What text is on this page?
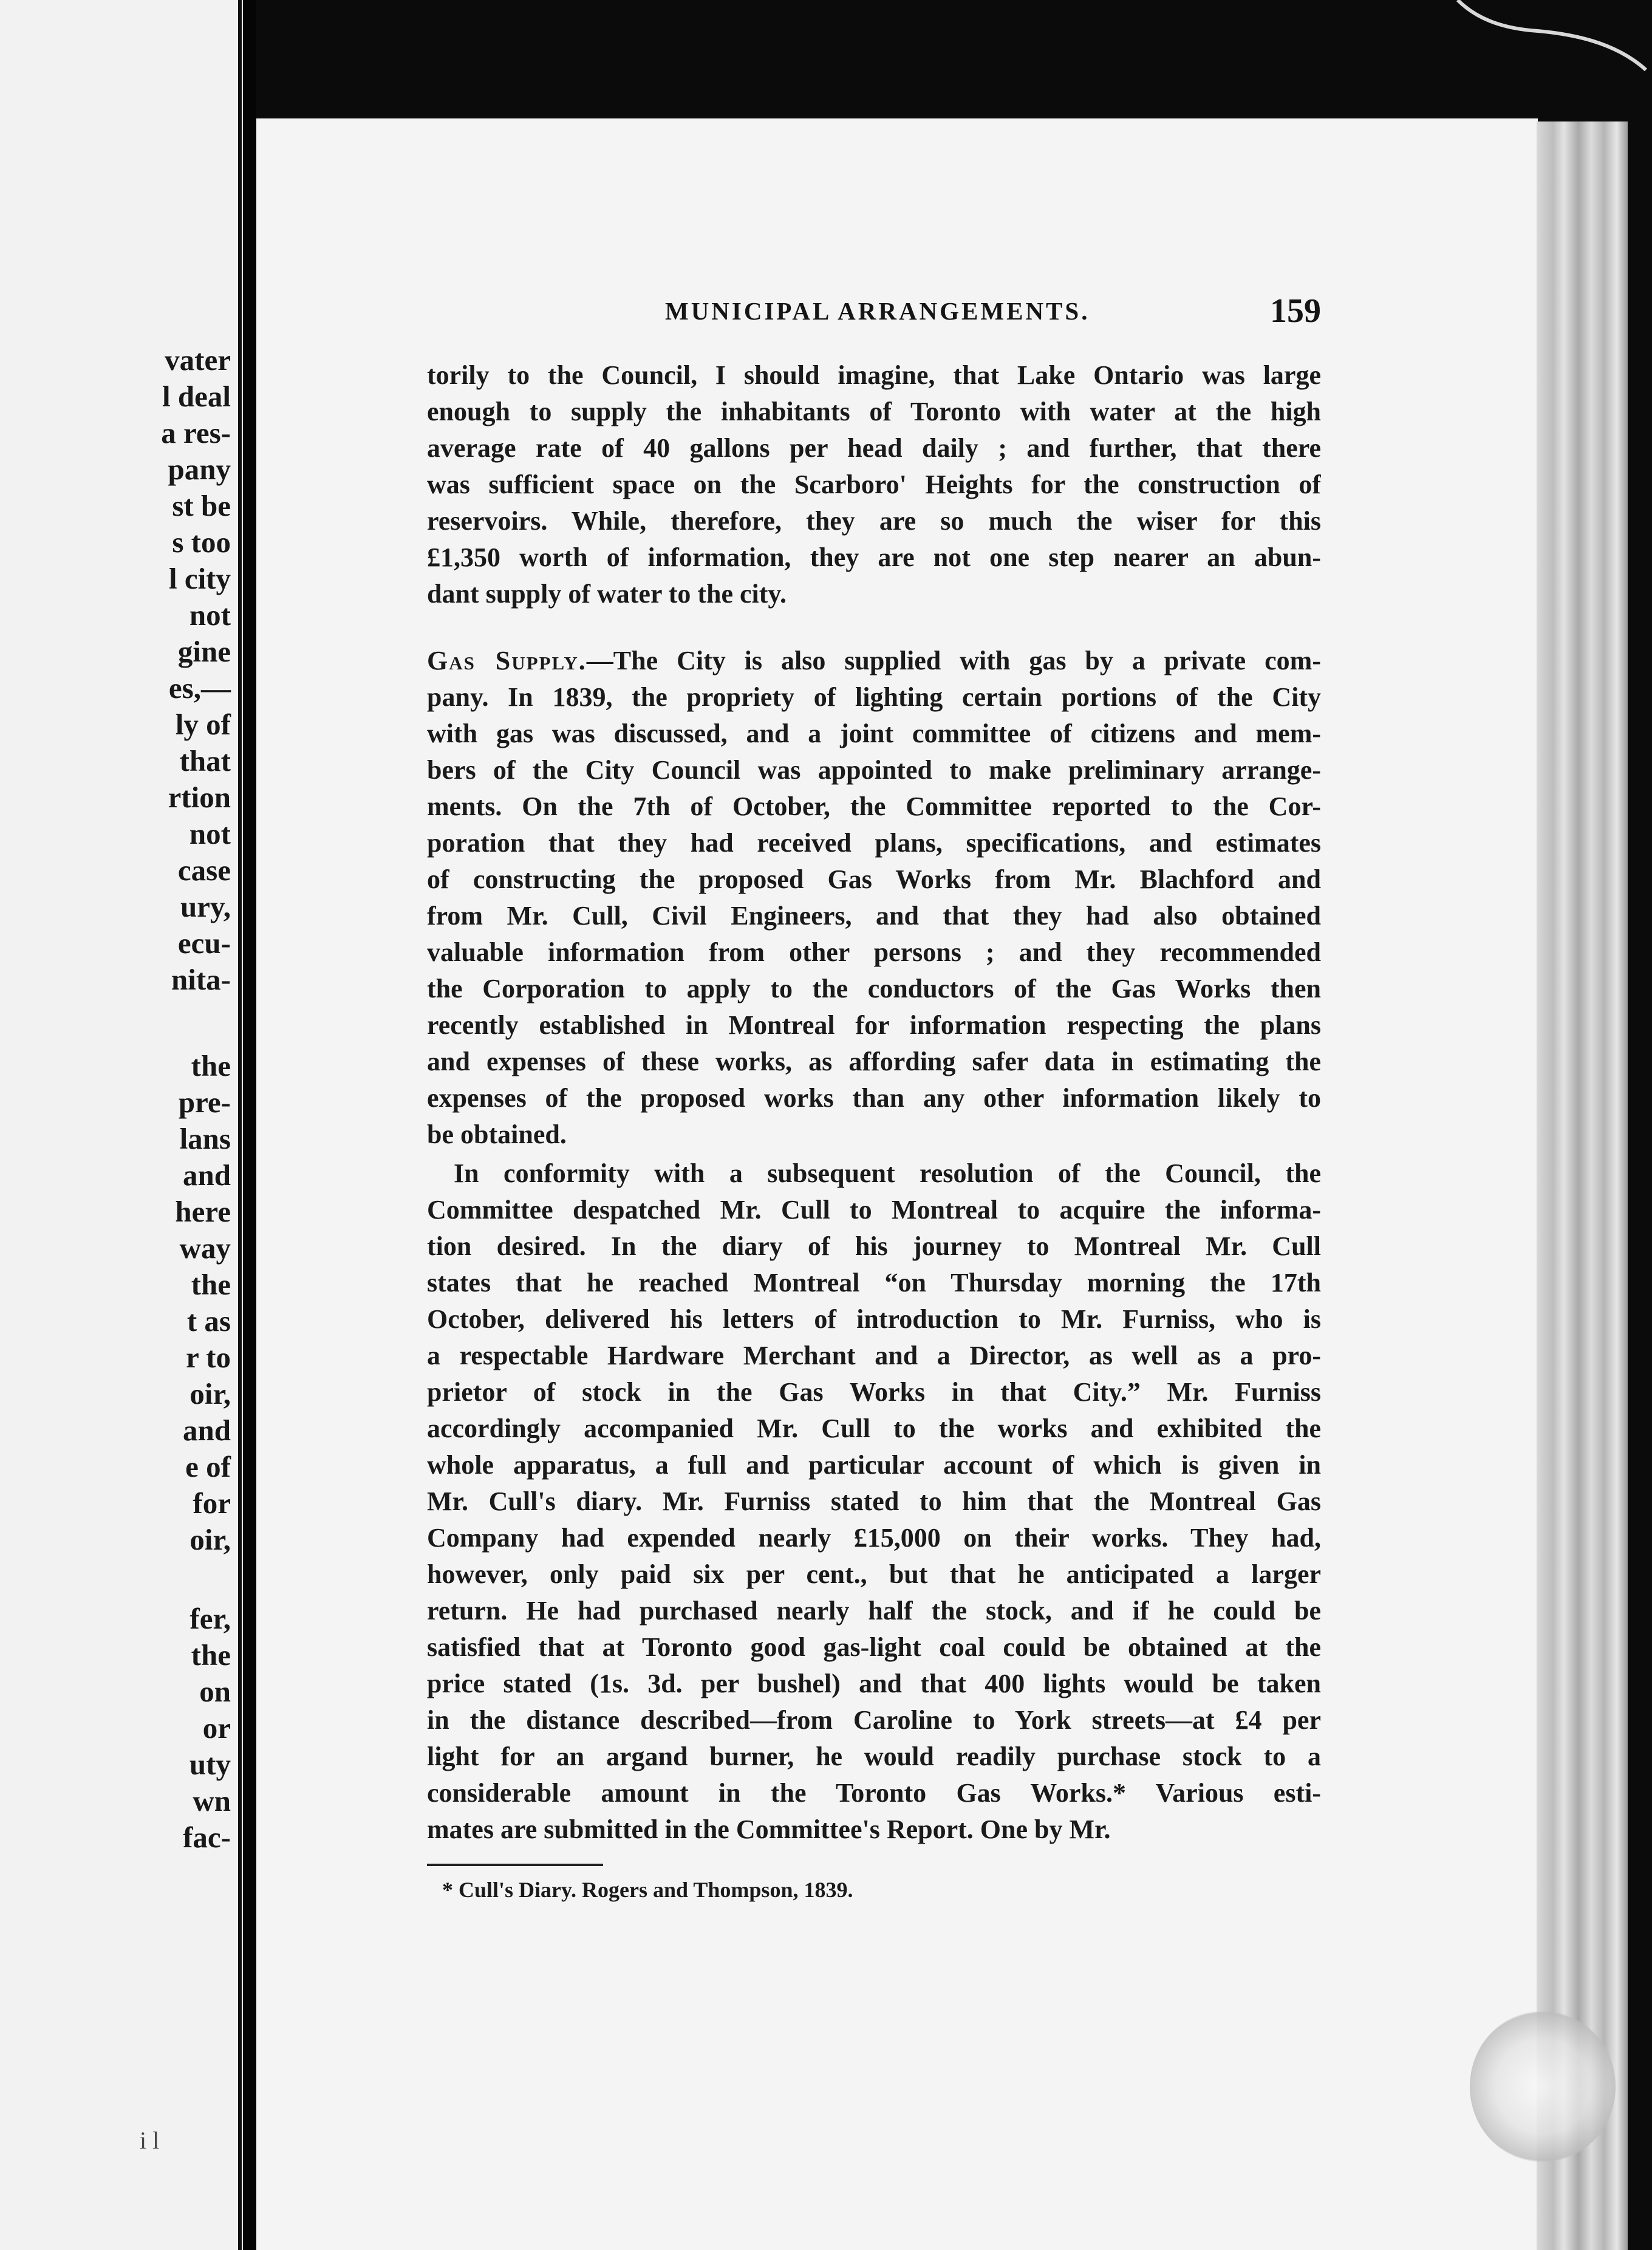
vater
l deal
a res-
pany
st be
s too
l city
not
gine
es,—
ly of
that
rtion
not
case
ury,
ecu-
nita-
the
pre-
lans
and
here
way
the
t as
r to
oir,
and
e of
for
oir,
fer,
the
on
or
uty
wn
fac-
i l
MUNICIPAL ARRANGEMENTS.	159
torily to the Council, I should imagine, that Lake Ontario was large
enough to supply the inhabitants of Toronto with water at the high
average rate of 40 gallons per head daily ; and further, that there
was sufficient space on the Scarboro' Heights for the construction of
reservoirs. While, therefore, they are so much the wiser for this
£1,350 worth of information, they are not one step nearer an abun-
dant supply of water to the city.
Gas Supply.—The City is also supplied with gas by a private com-
pany. In 1839, the propriety of lighting certain portions of the City
with gas was discussed, and a joint committee of citizens and mem-
bers of the City Council was appointed to make preliminary arrange-
ments. On the 7th of October, the Committee reported to the Cor-
poration that they had received plans, specifications, and estimates
of constructing the proposed Gas Works from Mr. Blachford and
from Mr. Cull, Civil Engineers, and that they had also obtained
valuable information from other persons ; and they recommended
the Corporation to apply to the conductors of the Gas Works then
recently established in Montreal for information respecting the plans
and expenses of these works, as affording safer data in estimating the
expenses of the proposed works than any other information likely to
be obtained.
In conformity with a subsequent resolution of the Council, the
Committee despatched Mr. Cull to Montreal to acquire the informa-
tion desired. In the diary of his journey to Montreal Mr. Cull
states that he reached Montreal “on Thursday morning the 17th
October, delivered his letters of introduction to Mr. Furniss, who is
a respectable Hardware Merchant and a Director, as well as a pro-
prietor of stock in the Gas Works in that City.” Mr. Furniss
accordingly accompanied Mr. Cull to the works and exhibited the
whole apparatus, a full and particular account of which is given in
Mr. Cull's diary. Mr. Furniss stated to him that the Montreal Gas
Company had expended nearly £15,000 on their works. They had,
however, only paid six per cent., but that he anticipated a larger
return. He had purchased nearly half the stock, and if he could be
satisfied that at Toronto good gas-light coal could be obtained at the
price stated (1s. 3d. per bushel) and that 400 lights would be taken
in the distance described—from Caroline to York streets—at £4 per
light for an argand burner, he would readily purchase stock to a
considerable amount in the Toronto Gas Works.* Various esti-
mates are submitted in the Committee's Report. One by Mr.
* Cull's Diary. Rogers and Thompson, 1839.
